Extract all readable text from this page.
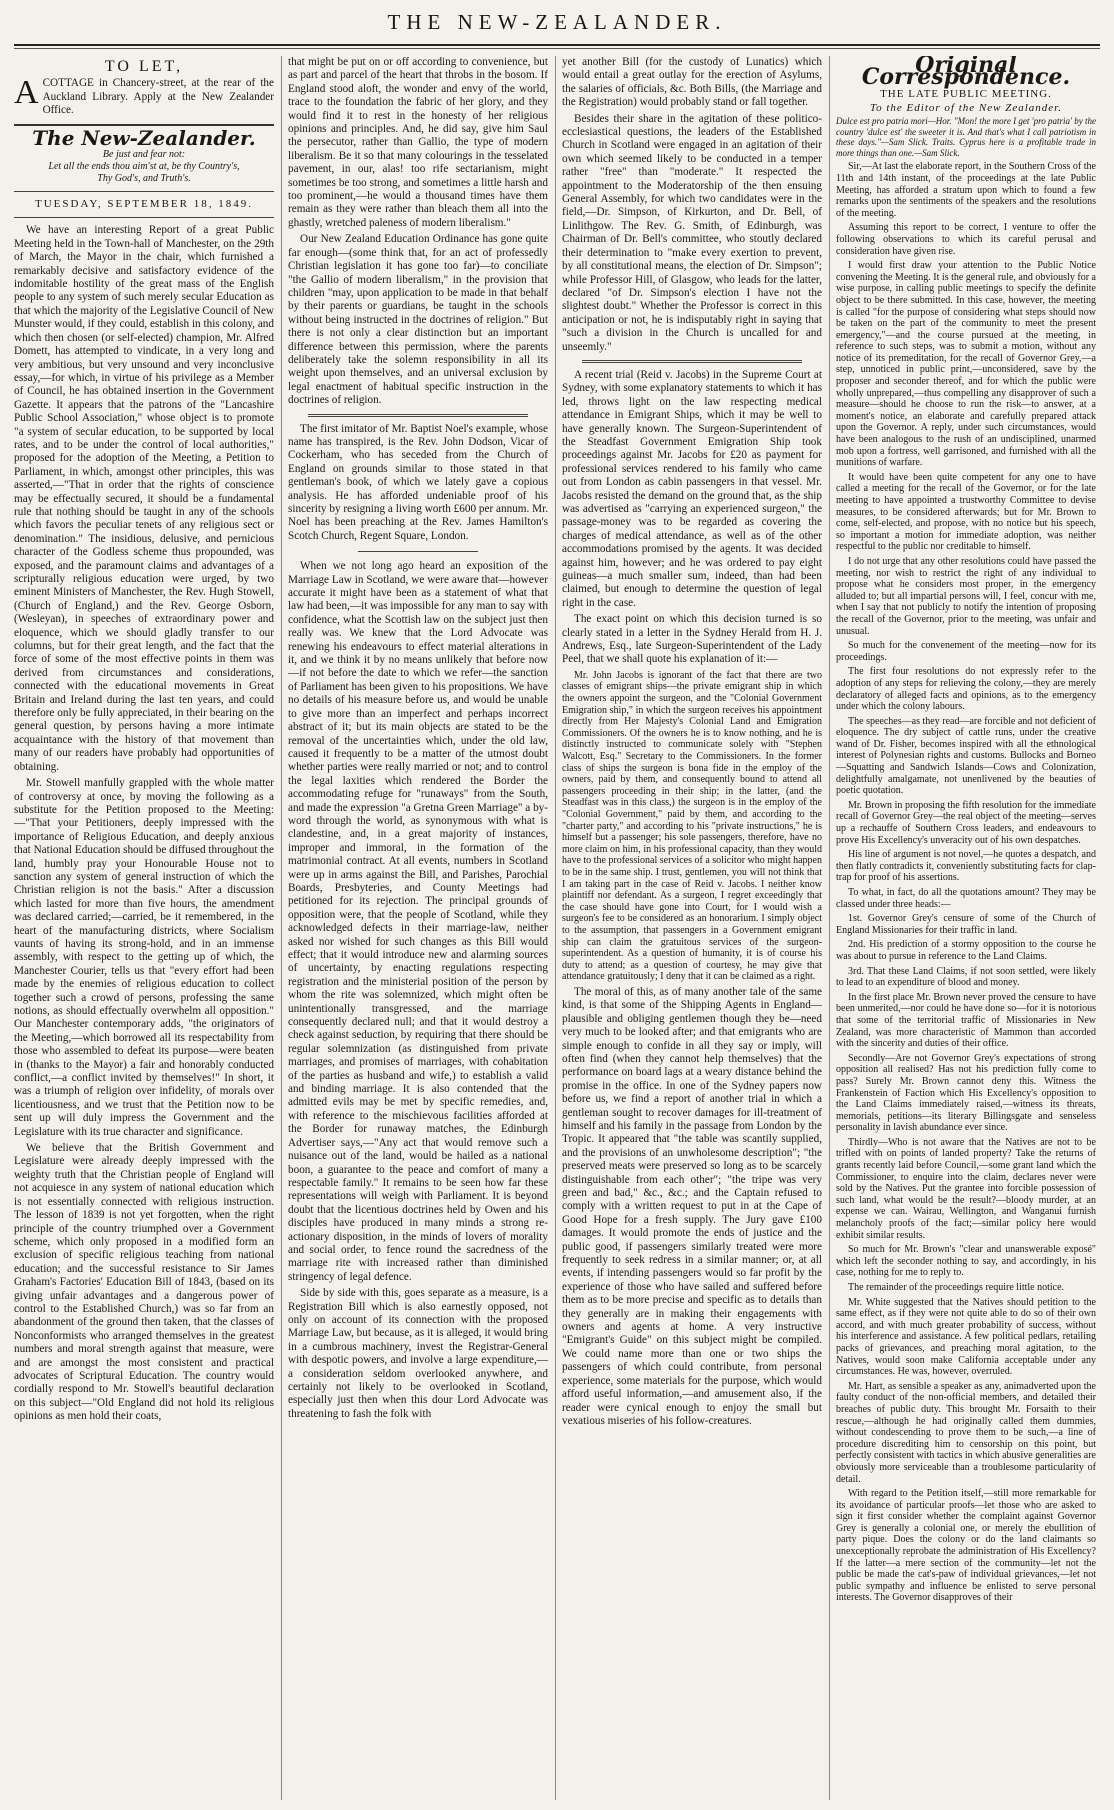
THE NEW-ZEALANDER.
TO LET,

ACOTTAGE in Chancery-street, at the rear of the Auckland Library. Apply at the New Zealander Office.

The New-Zealander.
Be just and fear not:
Let all the ends thou aim'st at, be thy Country's,
Thy God's, and Truth's.
TUESDAY, SEPTEMBER 18, 1849.

We have an interesting Report of a great Public Meeting held in the Town-hall of Manchester, on the 29th of March, the Mayor in the chair, which furnished a remarkably decisive and satisfactory evidence of the indomitable hostility of the great mass of the English people to any system of such merely secular Education as that which the majority of the Legislative Council of New Munster would, if they could, establish in this colony, and which then chosen (or self-elected) champion, Mr. Alfred Domett, has attempted to vindicate, in a very long and very ambitious, but very unsound and very inconclusive essay,—for which, in virtue of his privilege as a Member of Council, he has obtained insertion in the Government Gazette. It appears that the patrons of the "Lancashire Public School Association," whose object is to promote "a system of secular education, to be supported by local rates, and to be under the control of local authorities," proposed for the adoption of the Meeting, a Petition to Parliament, in which, amongst other principles, this was asserted,—"That in order that the rights of conscience may be effectually secured, it should be a fundamental rule that nothing should be taught in any of the schools which favors the peculiar tenets of any religious sect or denomination." The insidious, delusive, and pernicious character of the Godless scheme thus propounded, was exposed, and the paramount claims and advantages of a scripturally religious education were urged, by two eminent Ministers of Manchester, the Rev. Hugh Stowell, (Church of England,) and the Rev. George Osborn, (Wesleyan), in speeches of extraordinary power and eloquence, which we should gladly transfer to our columns, but for their great length, and the fact that the force of some of the most effective points in them was derived from circumstances and considerations, connected with the educational movements in Great Britain and Ireland during the last ten years, and could therefore only be fully appreciated, in their bearing on the general question, by persons having a more intimate acquaintance with the history of that movement than many of our readers have probably had opportunities of obtaining.

Mr. Stowell manfully grappled with the whole matter of controversy at once, by moving the following as a substitute for the Petition proposed to the Meeting:—"That your Petitioners, deeply impressed with the importance of Religious Education, and deeply anxious that National Education should be diffused throughout the land, humbly pray your Honourable House not to sanction any system of general instruction of which the Christian religion is not the basis." After a discussion which lasted for more than five hours, the amendment was declared carried;—carried, be it remembered, in the heart of the manufacturing districts, where Socialism vaunts of having its strong-hold, and in an immense assembly, with respect to the getting up of which, the Manchester Courier, tells us that "every effort had been made by the enemies of religious education to collect together such a crowd of persons, professing the same notions, as should effectually overwhelm all opposition." Our Manchester contemporary adds, "the originators of the Meeting,—which borrowed all its respectability from those who assembled to defeat its purpose—were beaten in (thanks to the Mayor) a fair and honorably conducted conflict,—a conflict invited by themselves!" In short, it was a triumph of religion over infidelity, of morals over licentiousness, and we trust that the Petition now to be sent up will duly impress the Government and the Legislature with its true character and significance.

We believe that the British Government and Legislature were already deeply impressed with the weighty truth that the Christian people of England will not acquiesce in any system of national education which is not essentially connected with religious instruction. The lesson of 1839 is not yet forgotten, when the right principle of the country triumphed over a Government scheme, which only proposed in a modified form an exclusion of specific religious teaching from national education; and the successful resistance to Sir James Graham's Factories' Education Bill of 1843, (based on its giving unfair advantages and a dangerous power of control to the Established Church,) was so far from an abandonment of the ground then taken, that the classes of Nonconformists who arranged themselves in the greatest numbers and moral strength against that measure, were and are amongst the most consistent and practical advocates of Scriptural Education. The country would cordially respond to Mr. Stowell's beautiful declaration on this subject—"Old England did not hold its religious opinions as men hold their coats,

that might be put on or off according to convenience, but as part and parcel of the heart that throbs in the bosom. If England stood aloft, the wonder and envy of the world, trace to the foundation the fabric of her glory, and they would find it to rest in the honesty of her religious opinions and principles. And, he did say, give him Saul the persecutor, rather than Gallio, the type of modern liberalism. Be it so that many colourings in the tesselated pavement, in our, alas! too rife sectarianism, might sometimes be too strong, and sometimes a little harsh and too prominent,—he would a thousand times have them remain as they were rather than bleach them all into the ghastly, wretched paleness of modern liberalism."

Our New Zealand Education Ordinance has gone quite far enough—(some think that, for an act of professedly Christian legislation it has gone too far)—to conciliate "the Gallio of modern liberalism," in the provision that children "may, upon application to be made in that behalf by their parents or guardians, be taught in the schools without being instructed in the doctrines of religion." But there is not only a clear distinction but an important difference between this permission, where the parents deliberately take the solemn responsibility in all its weight upon themselves, and an universal exclusion by legal enactment of habitual specific instruction in the doctrines of religion.

The first imitator of Mr. Baptist Noel's example, whose name has transpired, is the Rev. John Dodson, Vicar of Cockerham, who has seceded from the Church of England on grounds similar to those stated in that gentleman's book, of which we lately gave a copious analysis. He has afforded undeniable proof of his sincerity by resigning a living worth £600 per annum. Mr. Noel has been preaching at the Rev. James Hamilton's Scotch Church, Regent Square, London.

When we not long ago heard an exposition of the Marriage Law in Scotland, we were aware that—however accurate it might have been as a statement of what that law had been,—it was impossible for any man to say with confidence, what the Scottish law on the subject just then really was. We knew that the Lord Advocate was renewing his endeavours to effect material alterations in it, and we think it by no means unlikely that before now—if not before the date to which we refer—the sanction of Parliament has been given to his propositions. We have no details of his measure before us, and would be unable to give more than an imperfect and perhaps incorrect abstract of it; but its main objects are stated to be the removal of the uncertainties which, under the old law, caused it frequently to be a matter of the utmost doubt whether parties were really married or not; and to control the legal laxities which rendered the Border the accommodating refuge for "runaways" from the South, and made the expression "a Gretna Green Marriage" a by-word through the world, as synonymous with what is clandestine, and, in a great majority of instances, improper and immoral, in the formation of the matrimonial contract. At all events, numbers in Scotland were up in arms against the Bill, and Parishes, Parochial Boards, Presbyteries, and County Meetings had petitioned for its rejection. The principal grounds of opposition were, that the people of Scotland, while they acknowledged defects in their marriage-law, neither asked nor wished for such changes as this Bill would effect; that it would introduce new and alarming sources of uncertainty, by enacting regulations respecting registration and the ministerial position of the person by whom the rite was solemnized, which might often be unintentionally transgressed, and the marriage consequently declared null; and that it would destroy a check against seduction, by requiring that there should be regular solemnization (as distinguished from private marriages, and promises of marriages, with cohabitation of the parties as husband and wife,) to establish a valid and binding marriage. It is also contended that the admitted evils may be met by specific remedies, and, with reference to the mischievous facilities afforded at the Border for runaway matches, the Edinburgh Advertiser says,—"Any act that would remove such a nuisance out of the land, would be hailed as a national boon, a guarantee to the peace and comfort of many a respectable family." It remains to be seen how far these representations will weigh with Parliament. It is beyond doubt that the licentious doctrines held by Owen and his disciples have produced in many minds a strong re-actionary disposition, in the minds of lovers of morality and social order, to fence round the sacredness of the marriage rite with increased rather than diminished stringency of legal defence.

Side by side with this, goes separate as a measure, is a Registration Bill which is also earnestly opposed, not only on account of its connection with the proposed Marriage Law, but because, as it is alleged, it would bring in a cumbrous machinery, invest the Registrar-General with despotic powers, and involve a large expenditure,—a consideration seldom overlooked anywhere, and certainly not likely to be overlooked in Scotland, especially just then when this dour Lord Advocate was threatening to fash the folk with

yet another Bill (for the custody of Lunatics) which would entail a great outlay for the erection of Asylums, the salaries of officials, &c. Both Bills, (the Marriage and the Registration) would probably stand or fall together.

Besides their share in the agitation of these politico-ecclesiastical questions, the leaders of the Established Church in Scotland were engaged in an agitation of their own which seemed likely to be conducted in a temper rather "free" than "moderate." It respected the appointment to the Moderatorship of the then ensuing General Assembly, for which two candidates were in the field,—Dr. Simpson, of Kirkurton, and Dr. Bell, of Linlithgow. The Rev. G. Smith, of Edinburgh, was Chairman of Dr. Bell's committee, who stoutly declared their determination to "make every exertion to prevent, by all constitutional means, the election of Dr. Simpson"; while Professor Hill, of Glasgow, who leads for the latter, declared "of Dr. Simpson's election I have not the slightest doubt." Whether the Professor is correct in this anticipation or not, he is indisputably right in saying that "such a division in the Church is uncalled for and unseemly."

A recent trial (Reid v. Jacobs) in the Supreme Court at Sydney, with some explanatory statements to which it has led, throws light on the law respecting medical attendance in Emigrant Ships, which it may be well to have generally known. The Surgeon-Superintendent of the Steadfast Government Emigration Ship took proceedings against Mr. Jacobs for £20 as payment for professional services rendered to his family who came out from London as cabin passengers in that vessel. Mr. Jacobs resisted the demand on the ground that, as the ship was advertised as "carrying an experienced surgeon," the passage-money was to be regarded as covering the charges of medical attendance, as well as of the other accommodations promised by the agents. It was decided against him, however; and he was ordered to pay eight guineas—a much smaller sum, indeed, than had been claimed, but enough to determine the question of legal right in the case.

The exact point on which this decision turned is so clearly stated in a letter in the Sydney Herald from H. J. Andrews, Esq., late Surgeon-Superintendent of the Lady Peel, that we shall quote his explanation of it:—

Mr. John Jacobs is ignorant of the fact that there are two classes of emigrant ships—the private emigrant ship in which the owners appoint the surgeon, and the "Colonial Government Emigration ship," in which the surgeon receives his appointment directly from Her Majesty's Colonial Land and Emigration Commissioners. Of the owners he is to know nothing, and he is distinctly instructed to communicate solely with "Stephen Walcott, Esq." Secretary to the Commissioners. In the former class of ships the surgeon is bona fide in the employ of the owners, paid by them, and consequently bound to attend all passengers proceeding in their ship; in the latter, (and the Steadfast was in this class,) the surgeon is in the employ of the "Colonial Government," paid by them, and according to the "charter party," and according to his "private instructions," he is himself but a passenger; his sole passengers, therefore, have no more claim on him, in his professional capacity, than they would have to the professional services of a solicitor who might happen to be in the same ship. I trust, gentlemen, you will not think that I am taking part in the case of Reid v. Jacobs. I neither know plaintiff nor defendant. As a surgeon, I regret exceedingly that the case should have gone into Court, for I would wish a surgeon's fee to be considered as an honorarium. I simply object to the assumption, that passengers in a Government emigrant ship can claim the gratuitous services of the surgeon-superintendent. As a question of humanity, it is of course his duty to attend; as a question of courtesy, he may give that attendance gratuitously; I deny that it can be claimed as a right.

The moral of this, as of many another tale of the same kind, is that some of the Shipping Agents in England—plausible and obliging gentlemen though they be—need very much to be looked after; and that emigrants who are simple enough to confide in all they say or imply, will often find (when they cannot help themselves) that the performance on board lags at a weary distance behind the promise in the office. In one of the Sydney papers now before us, we find a report of another trial in which a gentleman sought to recover damages for ill-treatment of himself and his family in the passage from London by the Tropic. It appeared that "the table was scantily supplied, and the provisions of an unwholesome description"; "the preserved meats were preserved so long as to be scarcely distinguishable from each other"; "the tripe was very green and bad," &c., &c.; and the Captain refused to comply with a written request to put in at the Cape of Good Hope for a fresh supply. The Jury gave £100 damages. It would promote the ends of justice and the public good, if passengers similarly treated were more frequently to seek redress in a similar manner; or, at all events, if intending passengers would so far profit by the experience of those who have sailed and suffered before them as to be more precise and specific as to details than they generally are in making their engagements with owners and agents at home. A very instructive "Emigrant's Guide" on this subject might be compiled. We could name more than one or two ships the passengers of which could contribute, from personal experience, some materials for the purpose, which would afford useful information,—and amusement also, if the reader were cynical enough to enjoy the small but vexatious miseries of his follow-creatures.

Original Correspondence.
THE LATE PUBLIC MEETING.
To the Editor of the New Zealander.

Dulce est pro patria mori—Hor. "Mon! the more I get 'pro patria' by the country 'dulce est' the sweeter it is. And that's what I call patriotism in these days."—Sam Slick. Traits. Cyprus here is a profitable trade in more things than one.—Sam Slick.

Sir,—At last the elaborate report, in the Southern Cross of the 11th and 14th instant, of the proceedings at the late Public Meeting, has afforded a stratum upon which to found a few remarks upon the sentiments of the speakers and the resolutions of the meeting.

Assuming this report to be correct, I venture to offer the following observations to which its careful perusal and consideration have given rise.

I would first draw your attention to the Public Notice convening the Meeting. It is the general rule, and obviously for a wise purpose, in calling public meetings to specify the definite object to be there submitted. In this case, however, the meeting is called "for the purpose of considering what steps should now be taken on the part of the community to meet the present emergency,"—and the course pursued at the meeting, in reference to such steps, was to submit a motion, without any notice of its premeditation, for the recall of Governor Grey,—a step, unnoticed in public print,—unconsidered, save by the proposer and seconder thereof, and for which the public were wholly unprepared,—thus compelling any disapprover of such a measure—should he choose to run the risk—to answer, at a moment's notice, an elaborate and carefully prepared attack upon the Governor. A reply, under such circumstances, would have been analogous to the rush of an undisciplined, unarmed mob upon a fortress, well garrisoned, and furnished with all the munitions of warfare.

It would have been quite competent for any one to have called a meeting for the recall of the Governor, or for the late meeting to have appointed a trustworthy Committee to devise measures, to be considered afterwards; but for Mr. Brown to come, self-elected, and propose, with no notice but his speech, so important a motion for immediate adoption, was neither respectful to the public nor creditable to himself.

I do not urge that any other resolutions could have passed the meeting, nor wish to restrict the right of any individual to propose what he considers most proper, in the emergency alluded to; but all impartial persons will, I feel, concur with me, when I say that not publicly to notify the intention of proposing the recall of the Governor, prior to the meeting, was unfair and unusual.

So much for the convenement of the meeting—now for its proceedings.

The first four resolutions do not expressly refer to the adoption of any steps for relieving the colony,—they are merely declaratory of alleged facts and opinions, as to the emergency under which the colony labours.

The speeches—as they read—are forcible and not deficient of eloquence. The dry subject of cattle runs, under the creative wand of Dr. Fisher, becomes inspired with all the ethnological interest of Polynesian rights and customs. Bullocks and Borneo—Squatting and Sandwich Islands—Cows and Colonization, delightfully amalgamate, not unenlivened by the beauties of poetic quotation.

Mr. Brown in proposing the fifth resolution for the immediate recall of Governor Grey—the real object of the meeting—serves up a rechauffe of Southern Cross leaders, and endeavours to prove His Excellency's unveracity out of his own despatches.

His line of argument is not novel,—he quotes a despatch, and then flatly contradicts it, conveniently substituting facts for clap-trap for proof of his assertions.

To what, in fact, do all the quotations amount? They may be classed under three heads:—

1st. Governor Grey's censure of some of the Church of England Missionaries for their traffic in land.

2nd. His prediction of a stormy opposition to the course he was about to pursue in reference to the Land Claims.

3rd. That these Land Claims, if not soon settled, were likely to lead to an expenditure of blood and money.

In the first place Mr. Brown never proved the censure to have been unmerited,—nor could he have done so—for it is notorious that some of the territorial traffic of Missionaries in New Zealand, was more characteristic of Mammon than accorded with the sincerity and duties of their office.

Secondly—Are not Governor Grey's expectations of strong opposition all realised? Has not his prediction fully come to pass? Surely Mr. Brown cannot deny this. Witness the Frankenstein of Faction which His Excellency's opposition to the Land Claims immediately raised,—witness its threats, memorials, petitions—its literary Billingsgate and senseless personality in lavish abundance ever since.

Thirdly—Who is not aware that the Natives are not to be trifled with on points of landed property? Take the returns of grants recently laid before Council,—some grant land which the Commissioner, to enquire into the claim, declares never were sold by the Natives. Put the grantee into forcible possession of such land, what would be the result?—bloody murder, at an expense we can. Wairau, Wellington, and Wanganui furnish melancholy proofs of the fact;—similar policy here would exhibit similar results.

So much for Mr. Brown's "clear and unanswerable exposé" which left the seconder nothing to say, and accordingly, in his case, nothing for me to reply to.

The remainder of the proceedings require little notice.

Mr. White suggested that the Natives should petition to the same effect, as if they were not quite able to do so of their own accord, and with much greater probability of success, without his interference and assistance. A few political pedlars, retailing packs of grievances, and preaching moral agitation, to the Natives, would soon make California acceptable under any circumstances. He was, however, overruled.

Mr. Hart, as sensible a speaker as any, animadverted upon the faulty conduct of the non-official members, and detailed their breaches of public duty. This brought Mr. Forsaith to their rescue,—although he had originally called them dummies, without condescending to prove them to be such,—a line of procedure discrediting him to censorship on this point, but perfectly consistent with tactics in which abusive generalities are obviously more serviceable than a troublesome particularity of detail.

With regard to the Petition itself,—still more remarkable for its avoidance of particular proofs—let those who are asked to sign it first consider whether the complaint against Governor Grey is generally a colonial one, or merely the ebullition of party pique. Does the colony or do the land claimants so unexceptionally reprobate the administration of His Excellency? If the latter—a mere section of the community—let not the public be made the cat's-paw of individual grievances,—let not public sympathy and influence be enlisted to serve personal interests. The Governor disapproves of their
